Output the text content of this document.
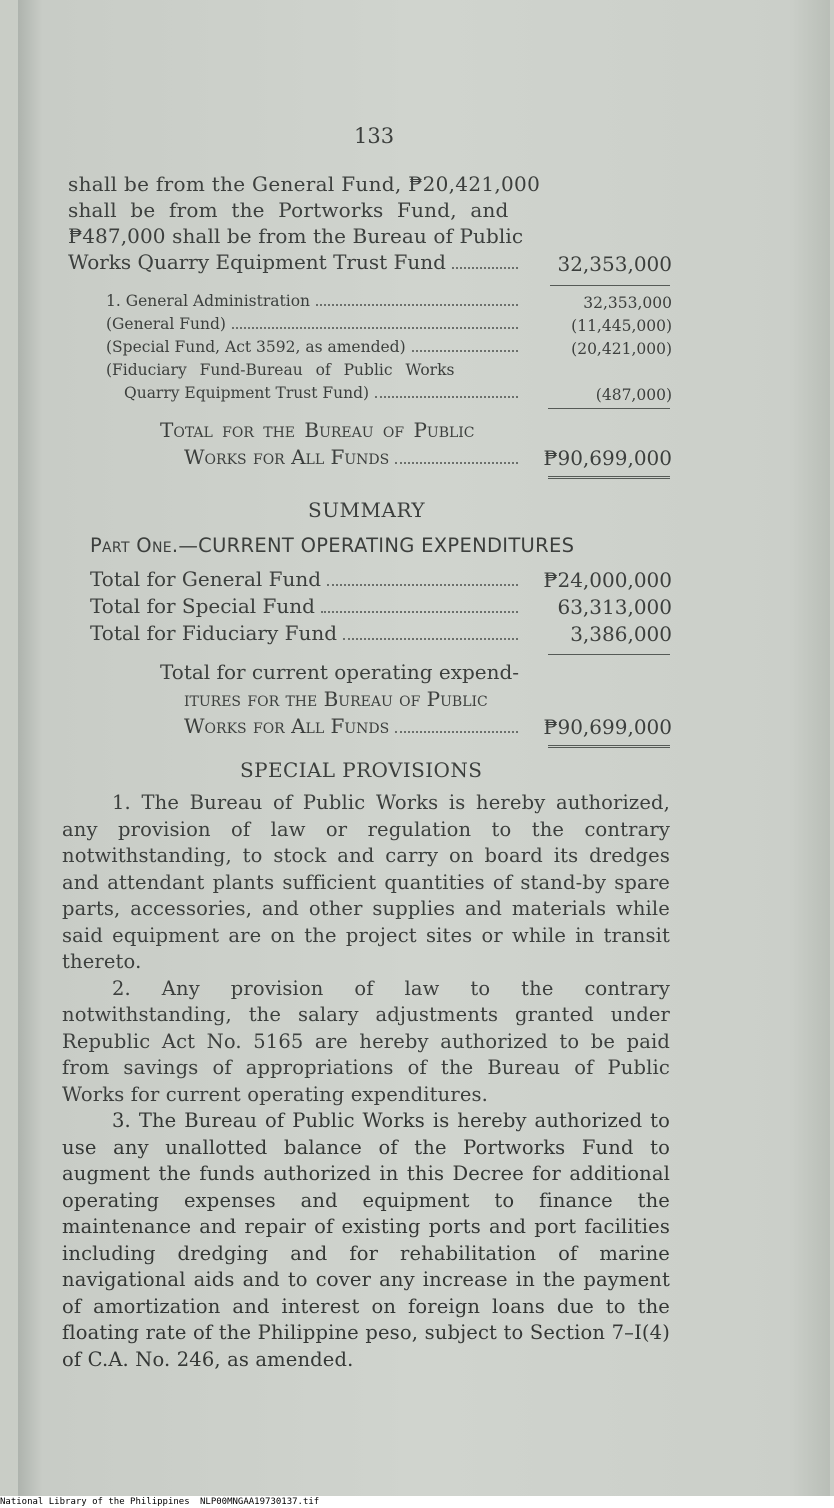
133
shall be from the General Fund, ₱20,421,000
shall be from the Portworks Fund, and
₱487,000 shall be from the Bureau of Public
Works Quarry Equipment Trust Fund	32,353,000
1. General Administration	32,353,000
(General Fund)	(11,445,000)
(Special Fund, Act 3592, as amended)	(20,421,000)
(Fiduciary Fund-Bureau of Public Works
Quarry Equipment Trust Fund)	(487,000)
Total for the Bureau of Public
Works for All Funds	₱90,699,000
SUMMARY
Part One.—CURRENT OPERATING EXPENDITURES
Total for General Fund	₱24,000,000
Total for Special Fund	63,313,000
Total for Fiduciary Fund	3,386,000
Total for current operating expend-
itures for the Bureau of Public
Works for All Funds	₱90,699,000
SPECIAL PROVISIONS

1. The Bureau of Public Works is hereby authorized, any provision of law or regulation to the contrary notwithstanding, to stock and carry on board its dredges and attendant plants sufficient quantities of stand-by spare parts, accessories, and other supplies and materials while said equipment are on the project sites or while in transit thereto.

2. Any provision of law to the contrary notwithstanding, the salary adjustments granted under Republic Act No. 5165 are hereby authorized to be paid from savings of appropriations of the Bureau of Public Works for current operating expenditures.

3. The Bureau of Public Works is hereby authorized to use any unallotted balance of the Portworks Fund to augment the funds authorized in this Decree for additional operating expenses and equipment to finance the maintenance and repair of existing ports and port facilities including dredging and for rehabilitation of marine navigational aids and to cover any increase in the payment of amortization and interest on foreign loans due to the floating rate of the Philippine peso, subject to Section 7–I(4) of C.A. No. 246, as amended.

National Library of the Philippines NLP00MNGAA19730137.tif
